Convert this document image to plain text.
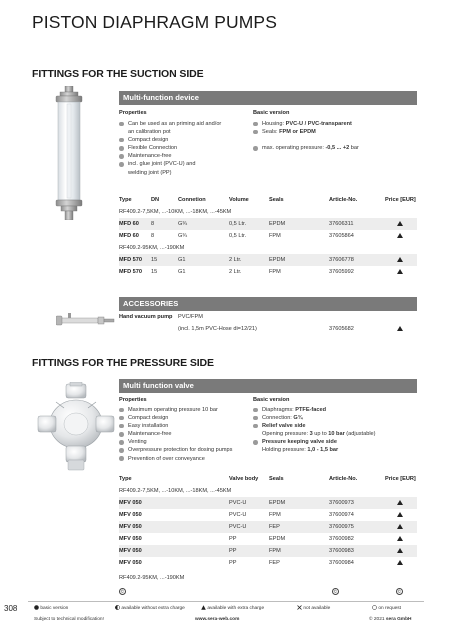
PISTON DIAPHRAGM PUMPS
FITTINGS FOR THE SUCTION SIDE
Multi-function device
Properties	Basic version
Can be used as an priming aid and/or
an calibration pot
Compact design
Flexible Connection
Maintenance-free
incl. glue joint (PVC-U) and
welding joint (PP)
Housing: PVC-U / PVC-transparent
Seals: FPM or EPDM

max. operating pressure: -0,5 ... +2 bar
Type	DN	Connetion	Volume	Seals	Article-No.	Price [EUR]
RF409.2-7,5KM, ...-10KM, ...-18KM, ...-45KM
MFD 60 8	G¾	0,5 Ltr.	EPDM	37606311
MFD 60 8	G¾	0,5 Ltr.	FPM	37605864
RF409.2-95KM, ...-190KM
MFD 570 15	G1	2 Ltr.	EPDM	37606778
MFD 570 15	G1	2 Ltr.	FPM	37605992
ACCESSORIES
Hand vacuum pump PVC/FPM
(incl. 1,5m PVC-Hose di=12/21)	37605682
FITTINGS FOR THE PRESSURE SIDE
Multi function valve
Properties	Basic version
Maximum operating pressure 10 bar
Compact design
Easy installation
Maintenance-free
Venting
Overpressure protection for dosing pumps
Prevention of over conveyance
Diaphragms: PTFE-faced
Connection: G¾
Relief valve side
Opening pressure: 3 up to 10 bar (adjustable)
Pressure keeping valve side
Holding pressure: 1,0 - 1,5 bar
Type	Valve body Seals	Article-No.	Price [EUR]
RF409.2-7,5KM, ...-10KM, ...-18KM, ...-45KM
MFV 050	PVC-U	EPDM	37600973
MFV 050	PVC-U	FPM	37600974
MFV 050	PVC-U	FEP	37600975
MFV 050	PP	EPDM	37600982
MFV 050	PP	FPM	37600983
MFV 050	PP	FEP	37600984
RF409.2-95KM, ...-190KM
©	©	©
308	basic version	available without extra charge	available with extra charge	not available	on request
Subject to technical modification!	www.sera-web.com	© 2021 sera GmbH
